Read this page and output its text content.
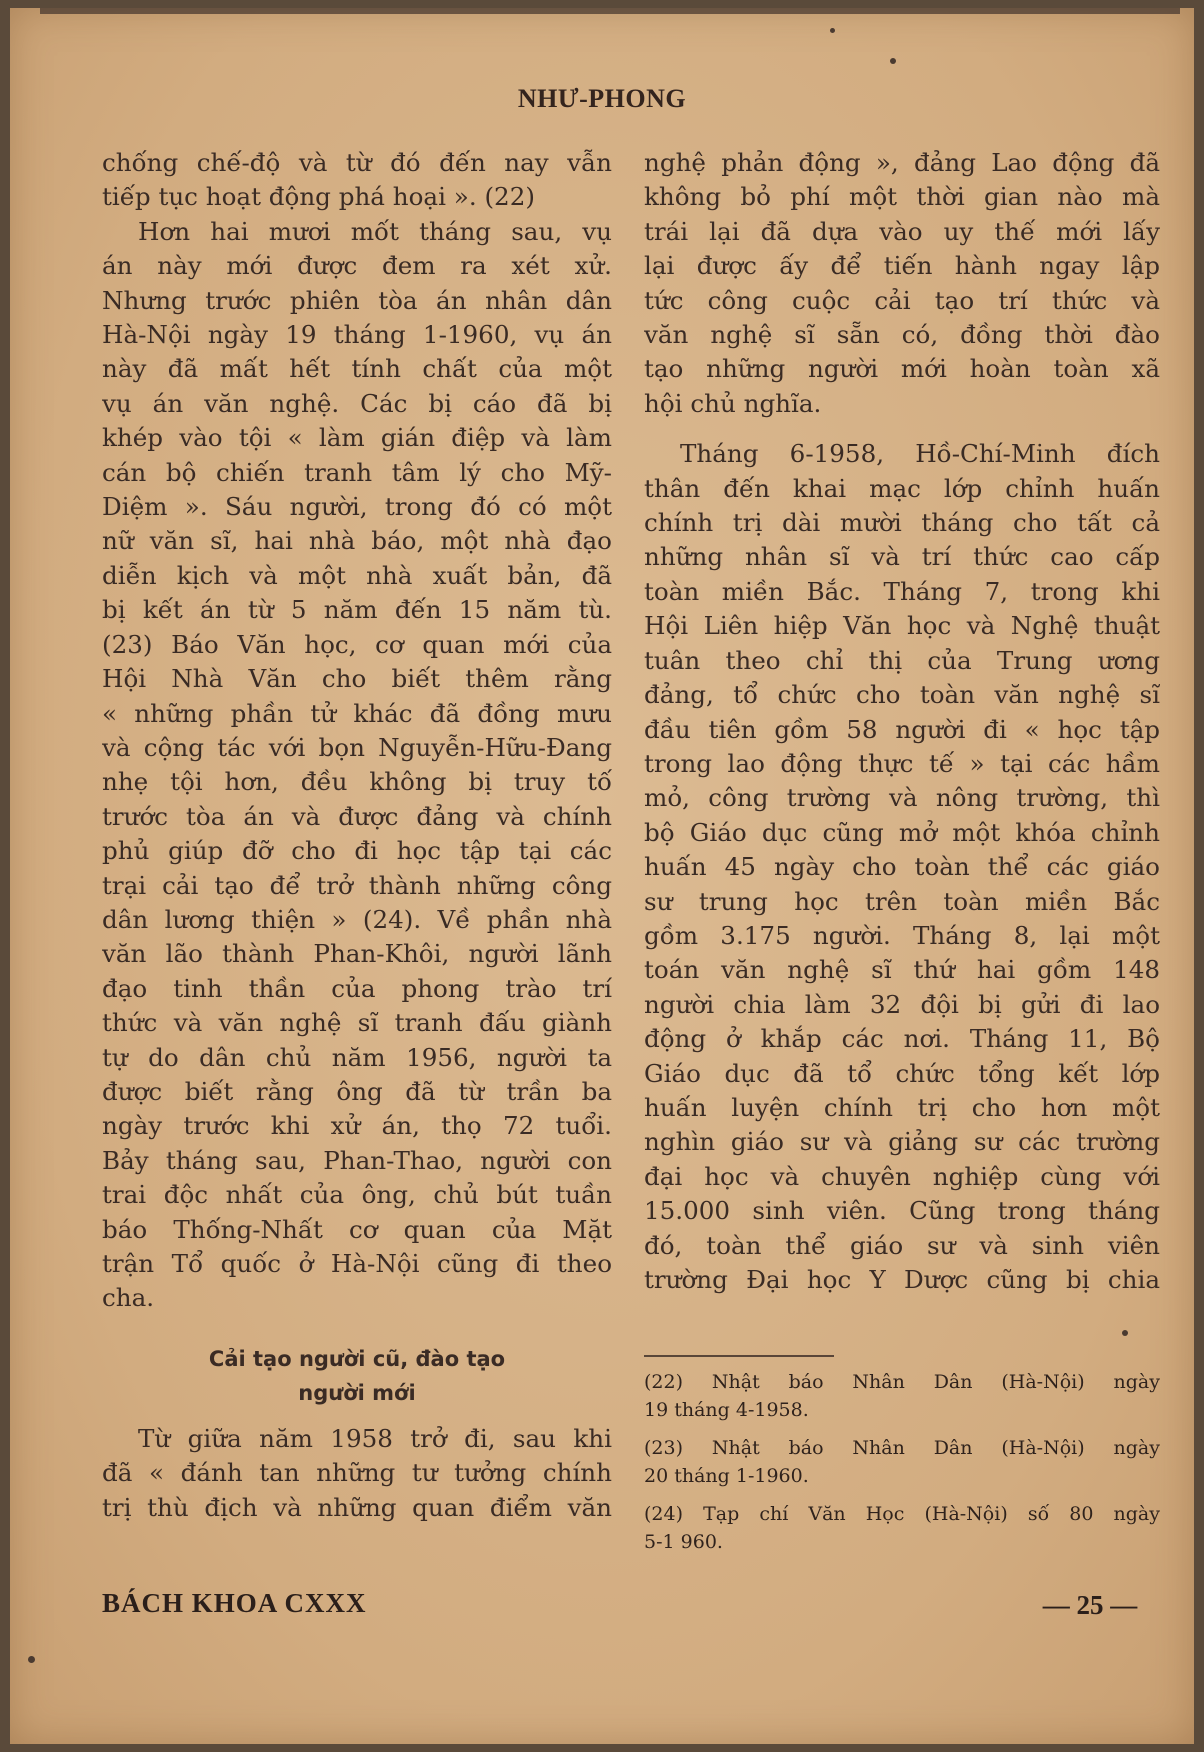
NHƯ-PHONG
chống chế-độ và từ đó đến nay vẫn
tiếp tục hoạt động phá hoại ». (22)
Hơn hai mươi mốt tháng sau, vụ
án này mới được đem ra xét xử.
Nhưng trước phiên tòa án nhân dân
Hà-Nội ngày 19 tháng 1-1960, vụ án
này đã mất hết tính chất của một
vụ án văn nghệ. Các bị cáo đã bị
khép vào tội « làm gián điệp và làm
cán bộ chiến tranh tâm lý cho Mỹ-
Diệm ». Sáu người, trong đó có một
nữ văn sĩ, hai nhà báo, một nhà đạo
diễn kịch và một nhà xuất bản, đã
bị kết án từ 5 năm đến 15 năm tù.
(23) Báo Văn học, cơ quan mới của
Hội Nhà Văn cho biết thêm rằng
« những phần tử khác đã đồng mưu
và cộng tác với bọn Nguyễn-Hữu-Đang
nhẹ tội hơn, đều không bị truy tố
trước tòa án và được đảng và chính
phủ giúp đỡ cho đi học tập tại các
trại cải tạo để trở thành những công
dân lương thiện » (24). Về phần nhà
văn lão thành Phan-Khôi, người lãnh
đạo tinh thần của phong trào trí
thức và văn nghệ sĩ tranh đấu giành
tự do dân chủ năm 1956, người ta
được biết rằng ông đã từ trần ba
ngày trước khi xử án, thọ 72 tuổi.
Bảy tháng sau, Phan-Thao, người con
trai độc nhất của ông, chủ bút tuần
báo Thống-Nhất cơ quan của Mặt
trận Tổ quốc ở Hà-Nội cũng đi theo
cha.
Cải tạo người cũ, đào tạo
người mới
Từ giữa năm 1958 trở đi, sau khi
đã « đánh tan những tư tưởng chính
trị thù địch và những quan điểm văn
nghệ phản động », đảng Lao động đã
không bỏ phí một thời gian nào mà
trái lại đã dựa vào uy thế mới lấy
lại được ấy để tiến hành ngay lập
tức công cuộc cải tạo trí thức và
văn nghệ sĩ sẵn có, đồng thời đào
tạo những người mới hoàn toàn xã
hội chủ nghĩa.
Tháng 6-1958, Hồ-Chí-Minh đích
thân đến khai mạc lớp chỉnh huấn
chính trị dài mười tháng cho tất cả
những nhân sĩ và trí thức cao cấp
toàn miền Bắc. Tháng 7, trong khi
Hội Liên hiệp Văn học và Nghệ thuật
tuân theo chỉ thị của Trung ương
đảng, tổ chức cho toàn văn nghệ sĩ
đầu tiên gồm 58 người đi « học tập
trong lao động thực tế » tại các hầm
mỏ, công trường và nông trường, thì
bộ Giáo dục cũng mở một khóa chỉnh
huấn 45 ngày cho toàn thể các giáo
sư trung học trên toàn miền Bắc
gồm 3.175 người. Tháng 8, lại một
toán văn nghệ sĩ thứ hai gồm 148
người chia làm 32 đội bị gửi đi lao
động ở khắp các nơi. Tháng 11, Bộ
Giáo dục đã tổ chức tổng kết lớp
huấn luyện chính trị cho hơn một
nghìn giáo sư và giảng sư các trường
đại học và chuyên nghiệp cùng với
15.000 sinh viên. Cũng trong tháng
đó, toàn thể giáo sư và sinh viên
trường Đại học Y Dược cũng bị chia
(22) Nhật báo Nhân Dân (Hà-Nội) ngày
19 tháng 4-1958.
(23) Nhật báo Nhân Dân (Hà-Nội) ngày
20 tháng 1-1960.
(24) Tạp chí Văn Học (Hà-Nội) số 80 ngày
5-1 960.
BÁCH KHOA CXXX	— 25 —
